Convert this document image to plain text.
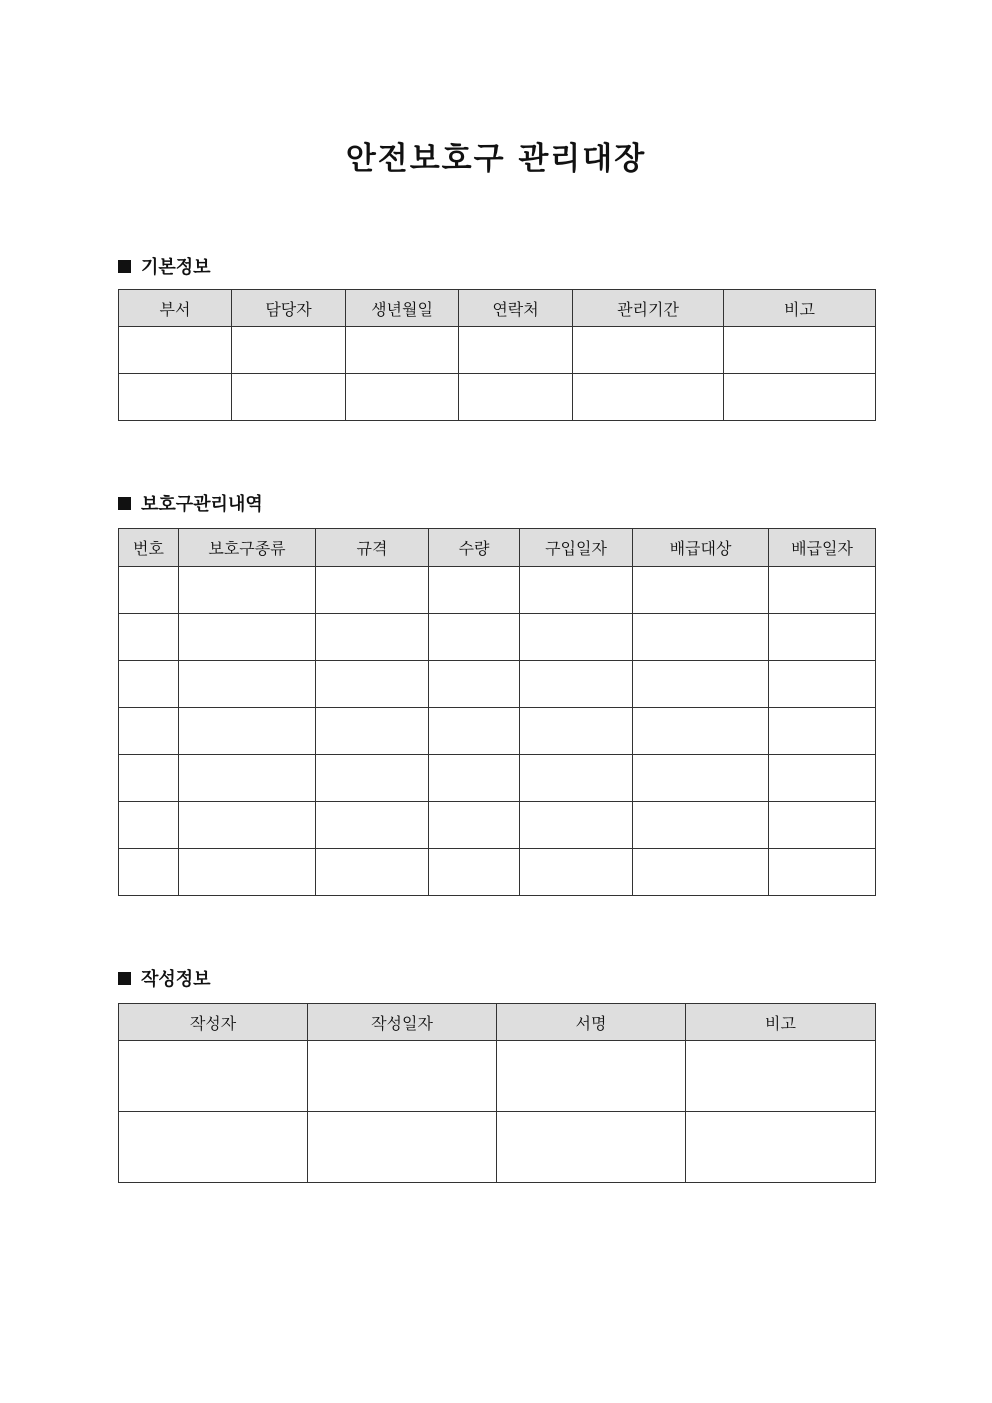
안전보호구 관리대장
기본정보
부서	담당자	생년월일	연락처	관리기간	비고

보호구관리내역
번호	보호구종류	규격	수량	구입일자	배급대상	배급일자

작성정보
작성자	작성일자	서명	비고
